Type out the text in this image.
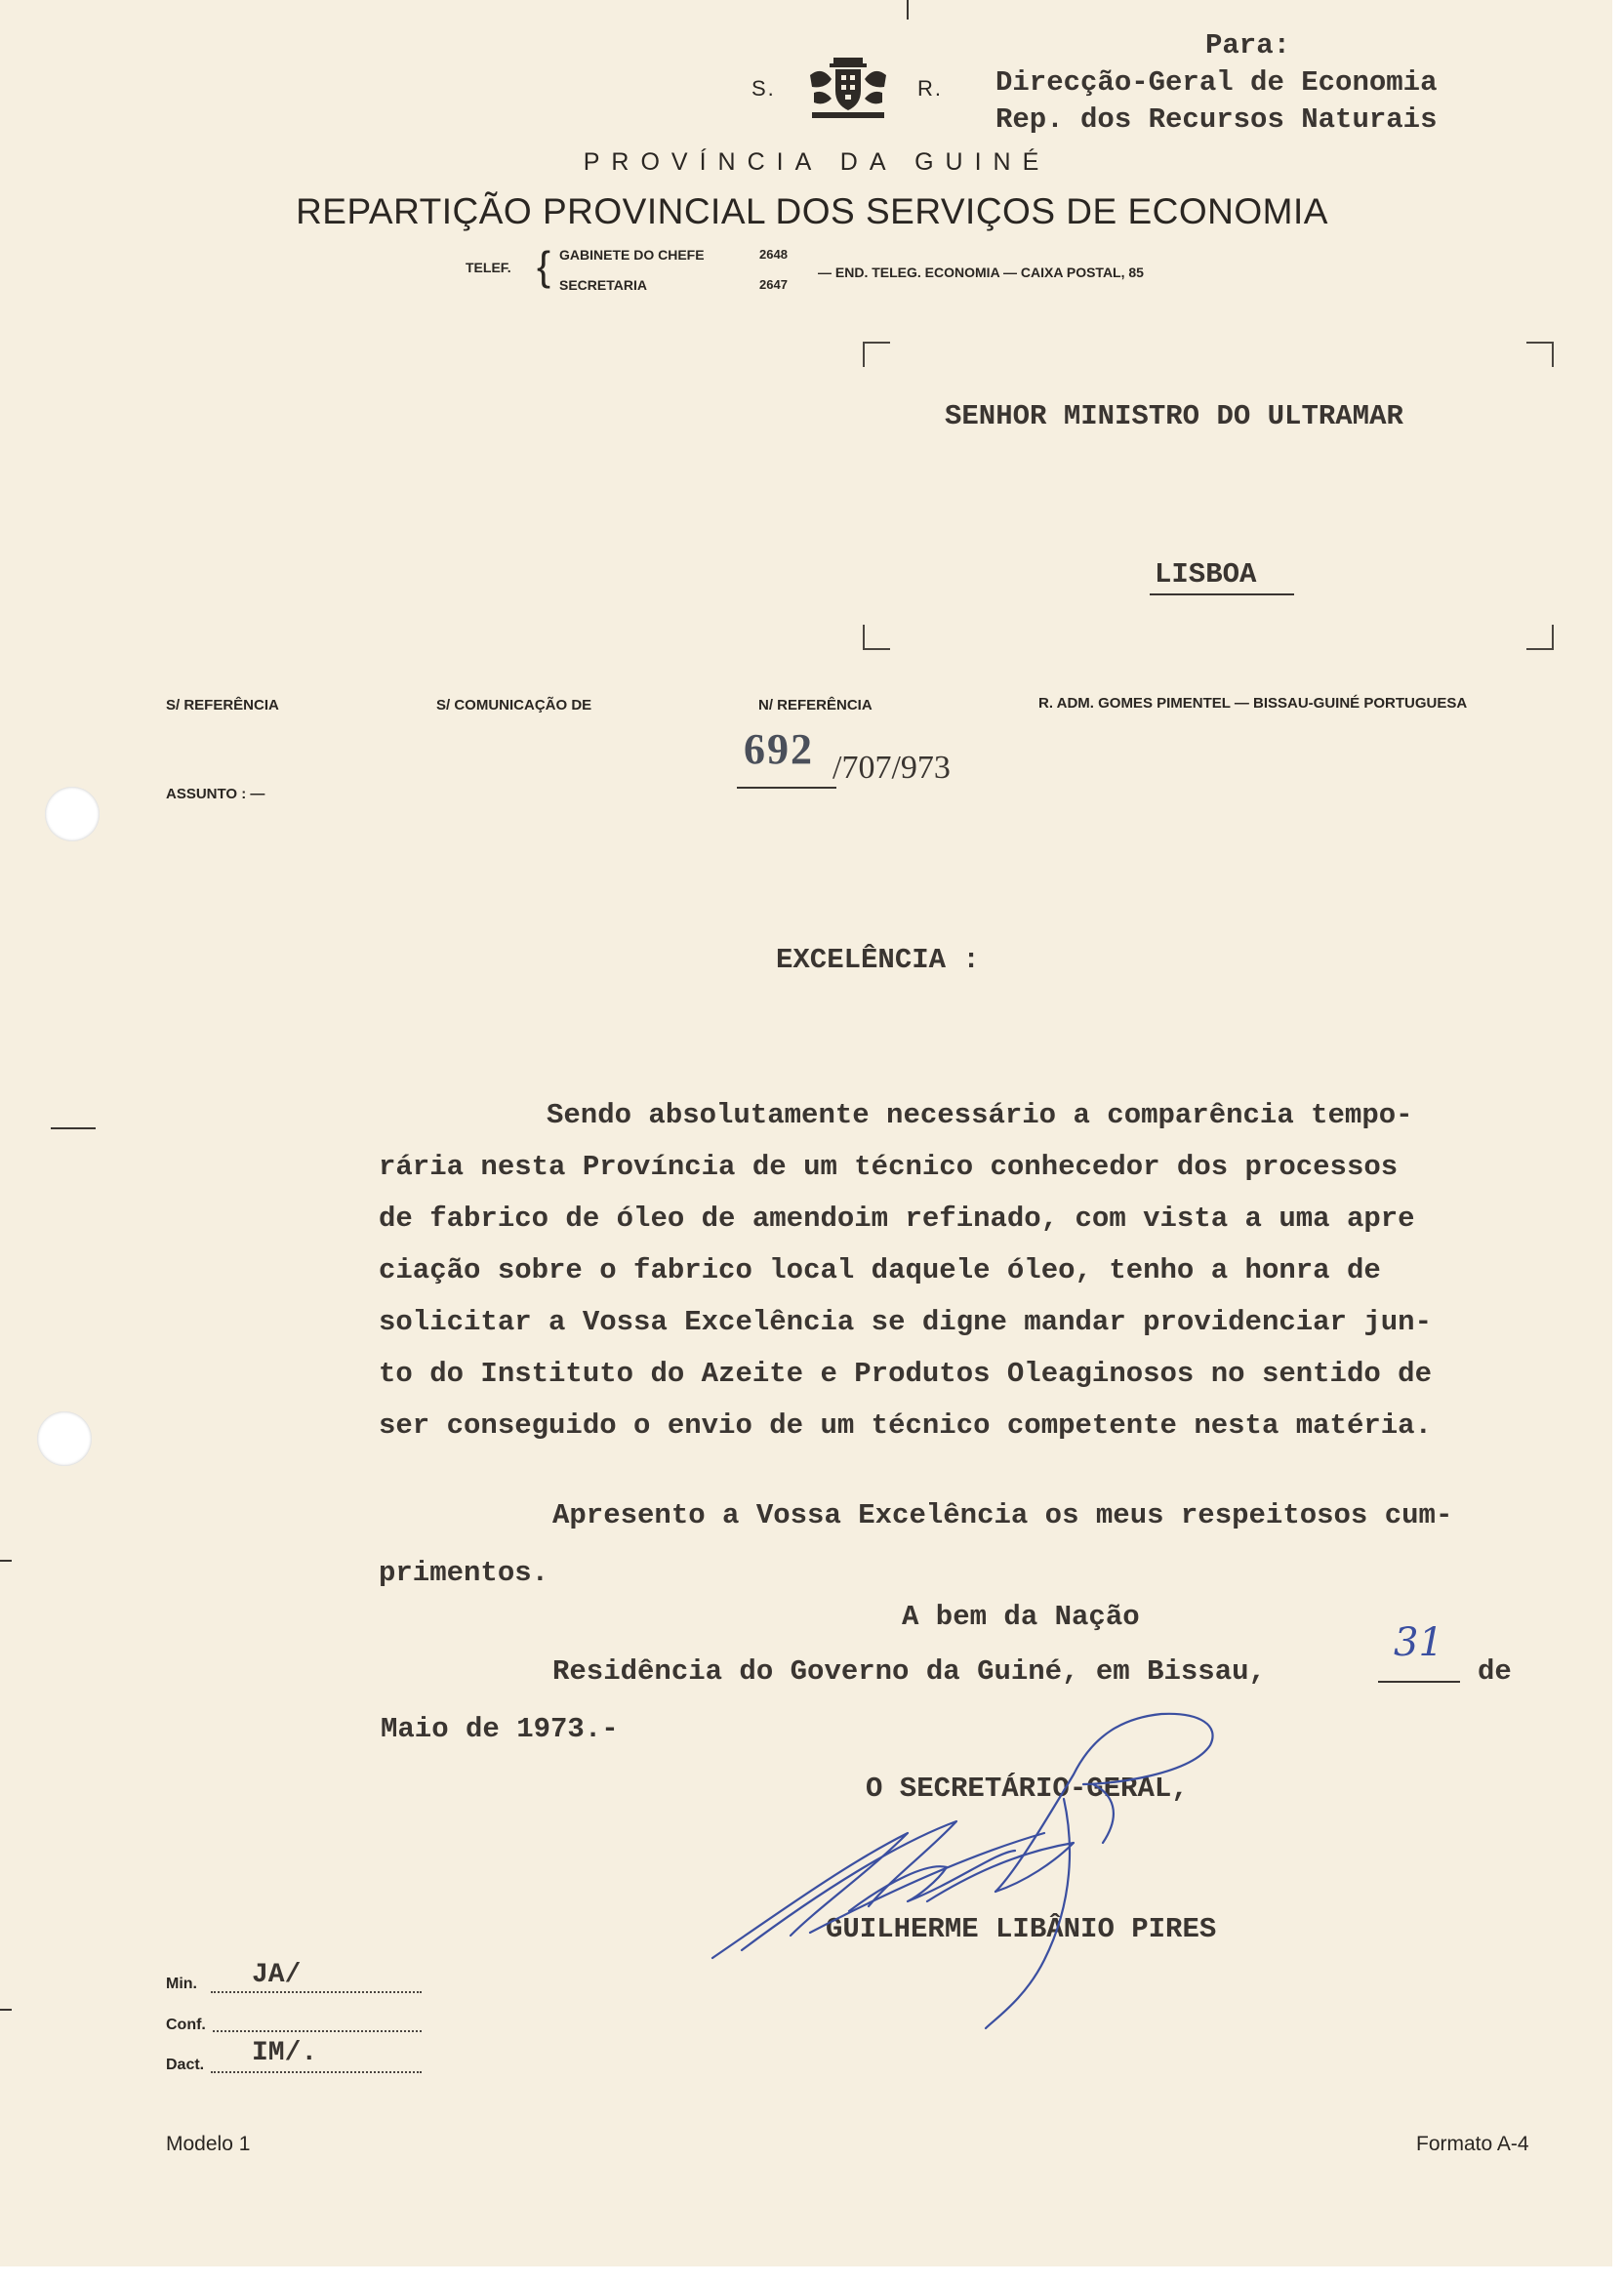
Para:
Direcção-Geral de Economia
Rep. dos Recursos Naturais
S.	R.
PROVÍNCIA DA GUINÉ
REPARTIÇÃO PROVINCIAL DOS SERVIÇOS DE ECONOMIA
TELEF. { GABINETE DO CHEFE	2648
SECRETARIA	2647
— END. TELEG. ECONOMIA — CAIXA POSTAL, 85
SENHOR MINISTRO DO ULTRAMAR
LISBOA
S/ REFERÊNCIA	S/ COMUNICAÇÃO DE	N/ REFERÊNCIA	R. ADM. GOMES PIMENTEL — BISSAU-GUINÉ PORTUGUESA
ASSUNTO : —
692 /707/973
EXCELÊNCIA :
Sendo absolutamente necessário a comparência tempo-
rária nesta Província de um técnico conhecedor dos processos
de fabrico de óleo de amendoim refinado, com vista a uma apre
ciação sobre o fabrico local daquele óleo, tenho a honra de
solicitar a Vossa Excelência se digne mandar providenciar jun-
to do Instituto do Azeite e Produtos Oleaginosos no sentido de
ser conseguido o envio de um técnico competente nesta matéria.
Apresento a Vossa Excelência os meus respeitosos cum-
primentos.
A bem da Nação
Residência do Governo da Guiné, em Bissau,
31
de
Maio de 1973.-
O SECRETÁRIO-GERAL,
GUILHERME LIBÂNIO PIRES
Min. JA/
Conf.
Dact. IM/.
Modelo 1	Formato A-4
